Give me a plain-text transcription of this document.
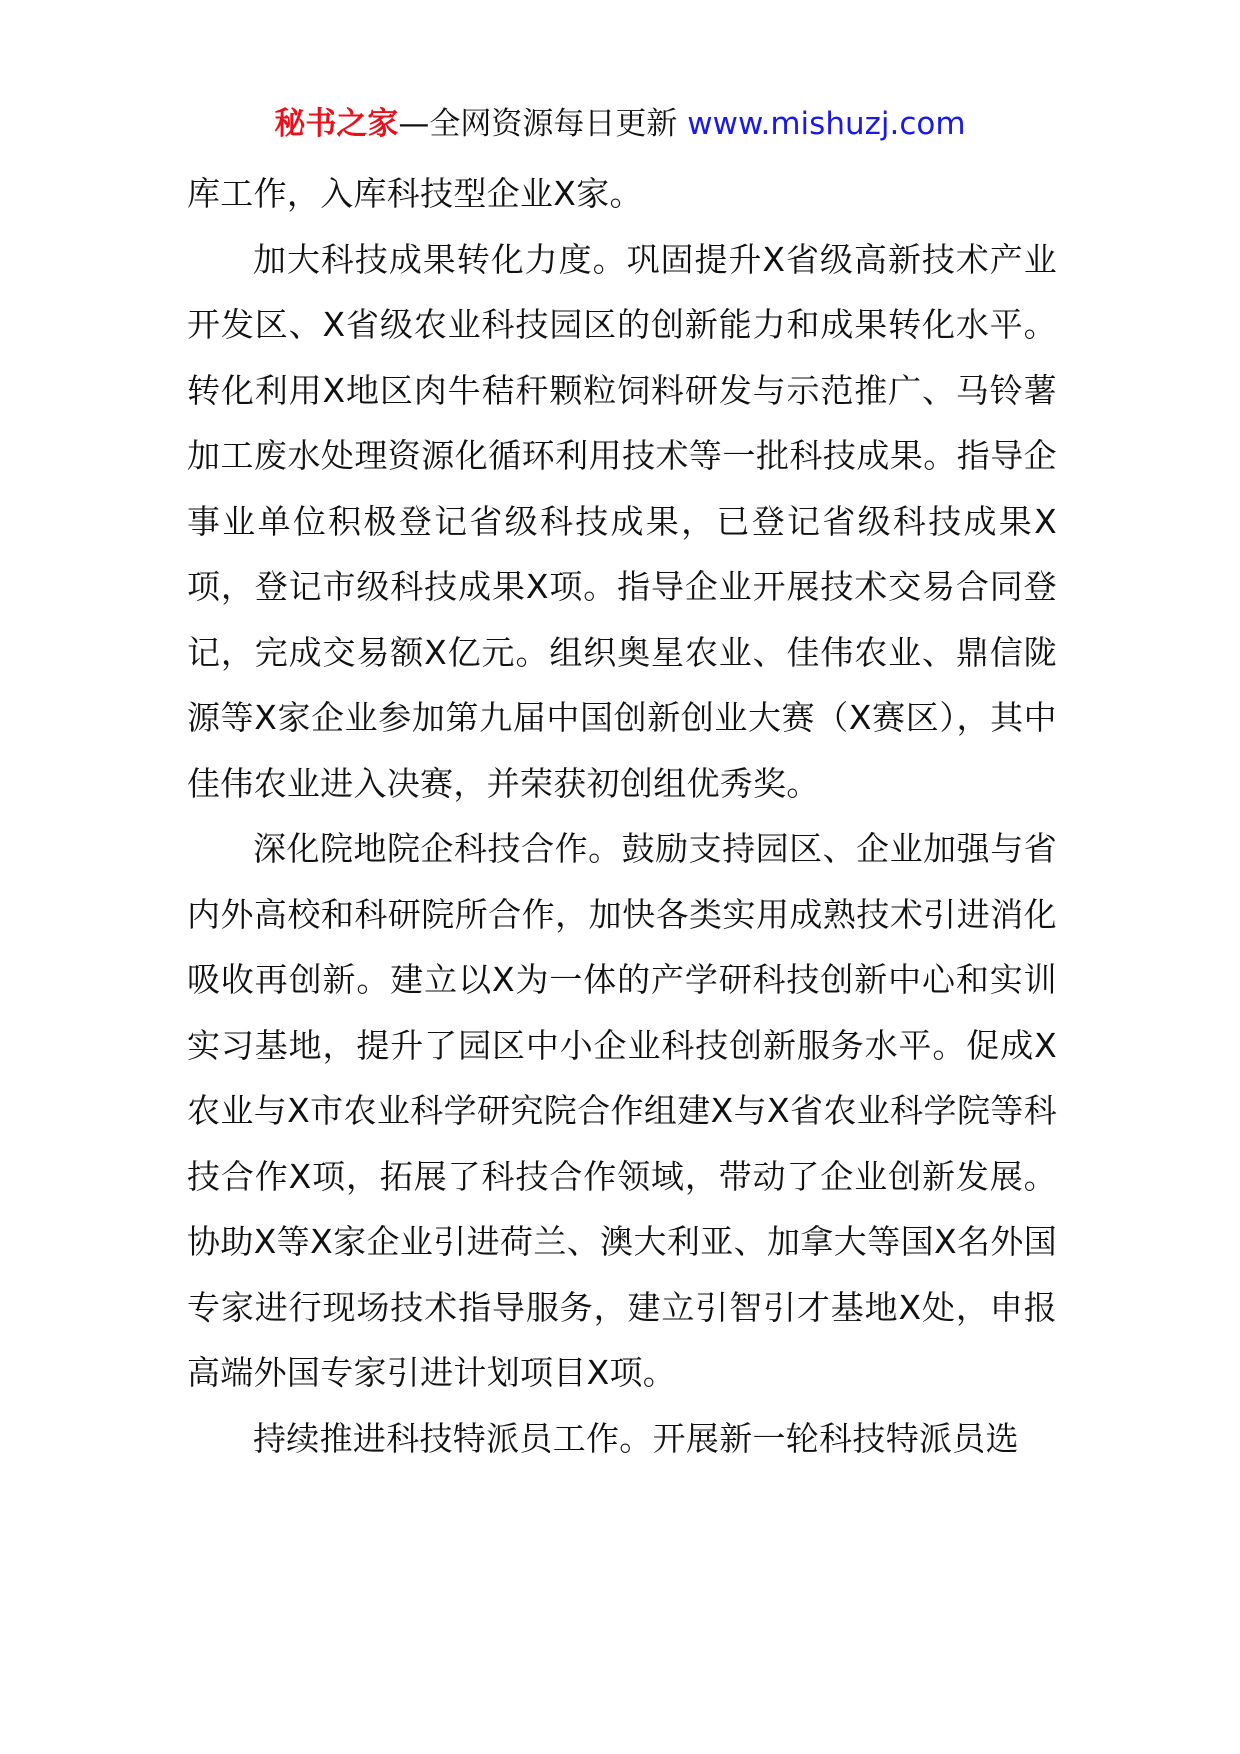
秘书之家—全网资源每日更新 www.mishuzj.com

库工作，入库科技型企业X家。

加大科技成果转化力度。巩固提升X省级高新技术产业开发区、X省级农业科技园区的创新能力和成果转化水平。转化利用X地区肉牛秸秆颗粒饲料研发与示范推广、马铃薯加工废水处理资源化循环利用技术等一批科技成果。指导企事业单位积极登记省级科技成果，已登记省级科技成果X项，登记市级科技成果X项。指导企业开展技术交易合同登记，完成交易额X亿元。组织奥星农业、佳伟农业、鼎信陇源等X家企业参加第九届中国创新创业大赛（X赛区），其中佳伟农业进入决赛，并荣获初创组优秀奖。

深化院地院企科技合作。鼓励支持园区、企业加强与省内外高校和科研院所合作，加快各类实用成熟技术引进消化吸收再创新。建立以X为一体的产学研科技创新中心和实训实习基地，提升了园区中小企业科技创新服务水平。促成X农业与X市农业科学研究院合作组建X与X省农业科学院等科技合作X项，拓展了科技合作领域，带动了企业创新发展。协助X等X家企业引进荷兰、澳大利亚、加拿大等国X名外国专家进行现场技术指导服务，建立引智引才基地X处，申报高端外国专家引进计划项目X项。

持续推进科技特派员工作。开展新一轮科技特派员选
